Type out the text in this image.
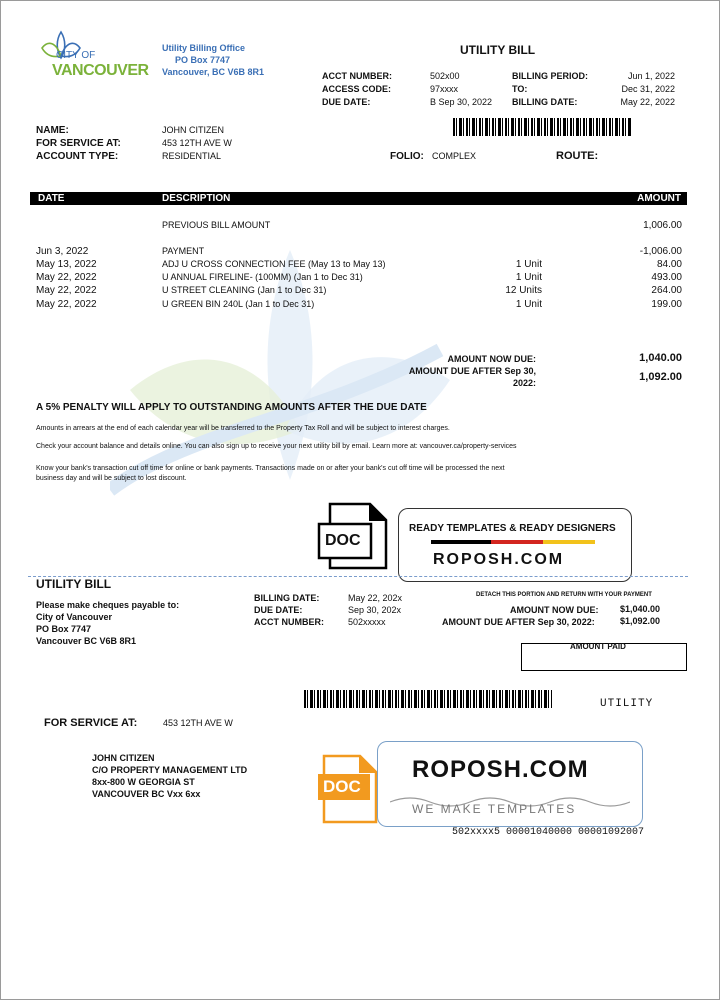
CITY OF
VANCOUVER
Utility Billing Office
PO Box 7747
Vancouver, BC V6B 8R1
UTILITY BILL
ACCT NUMBER:	502x00
ACCESS CODE:	97xxxx
DUE DATE:	B Sep 30, 2022
BILLING PERIOD:	Jun 1, 2022
TO:	Dec 31, 2022
BILLING DATE:	May 22, 2022
NAME:	JOHN CITIZEN
FOR SERVICE AT:	453 12TH AVE W
ACCOUNT TYPE:	RESIDENTIAL	FOLIO: COMPLEX	ROUTE:
DATE	DESCRIPTION	AMOUNT
PREVIOUS BILL AMOUNT	1,006.00
Jun 3, 2022	PAYMENT	-1,006.00
May 13, 2022	ADJ U CROSS CONNECTION FEE (May 13 to May 13)	1 Unit	84.00
May 22, 2022	U ANNUAL FIRELINE- (100MM) (Jan 1 to Dec 31)	1 Unit	493.00
May 22, 2022	U STREET CLEANING (Jan 1 to Dec 31)	12 Units	264.00
May 22, 2022	U GREEN BIN 240L (Jan 1 to Dec 31)	1 Unit	199.00
AMOUNT NOW DUE:	1,040.00
AMOUNT DUE AFTER Sep 30,
2022:	1,092.00
A 5% PENALTY WILL APPLY TO OUTSTANDING AMOUNTS AFTER THE DUE DATE
Amounts in arrears at the end of each calendar year will be transferred to the Property Tax Roll and will be subject to interest charges.
Check your account balance and details online. You can also sign up to receive your next utility bill by email. Learn more at: vancouver.ca/property-services
Know your bank's transaction cut off time for online or bank payments. Transactions made on or after your bank's cut off time will be processed the next
business day and will be subject to lost discount.
DOC
READY TEMPLATES & READY DESIGNERS
ROPOSH.COM
UTILITY BILL
Please make cheques payable to:
City of Vancouver
PO Box 7747
Vancouver BC V6B 8R1
BILLING DATE:	May 22, 202x
DUE DATE:	Sep 30, 202x
ACCT NUMBER:	502xxxxx
DETACH THIS PORTION AND RETURN WITH YOUR PAYMENT
AMOUNT NOW DUE: $1,040.00
AMOUNT DUE AFTER Sep 30, 2022:	$1,092.00
AMOUNT PAID
UTILITY
FOR SERVICE AT:	453 12TH AVE W
JOHN CITIZEN
C/O PROPERTY MANAGEMENT LTD
8xx-800 W GEORGIA ST
VANCOUVER BC Vxx 6xx	DOC
ROPOSH.COM
WE MAKE TEMPLATES
502xxxx5 00001040000 00001092007
